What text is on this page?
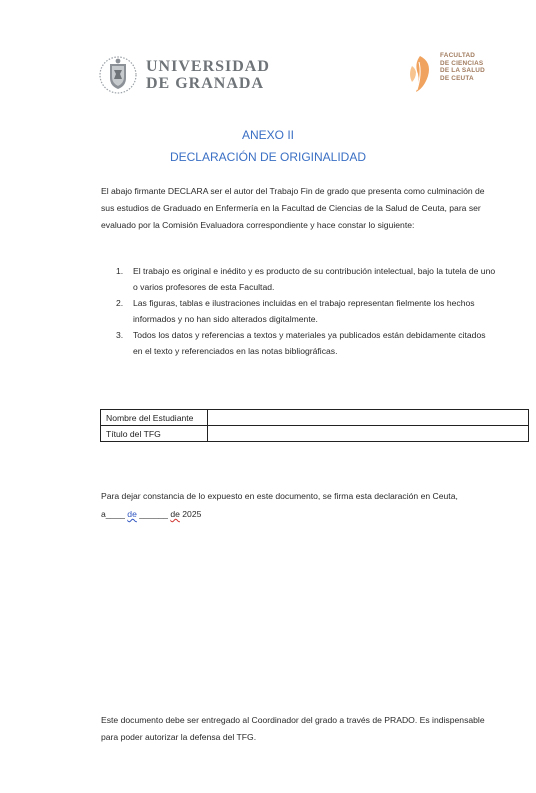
UNIVERSIDAD
DE GRANADA
FACULTAD
DE CIENCIAS
DE LA SALUD
DE CEUTA
ANEXO II
DECLARACIÓN DE ORIGINALIDAD
El abajo firmante DECLARA ser el autor del Trabajo Fin de grado que presenta como culminación de sus estudios de Graduado en Enfermería en la Facultad de Ciencias de la Salud de Ceuta, para ser evaluado por la Comisión Evaluadora correspondiente y hace constar lo siguiente:
1. El trabajo es original e inédito y es producto de su contribución intelectual, bajo la tutela de uno o varios profesores de esta Facultad.
2. Las figuras, tablas e ilustraciones incluidas en el trabajo representan fielmente los hechos informados y no han sido alterados digitalmente.
3. Todos los datos y referencias a textos y materiales ya publicados están debidamente citados en el texto y referenciados en las notas bibliográficas.
Nombre del Estudiante	
Título del TFG	
Para dejar constancia de lo expuesto en este documento, se firma esta declaración en Ceuta,
a____ de ______ de 2025
Este documento debe ser entregado al Coordinador del grado a través de PRADO. Es indispensable para poder autorizar la defensa del TFG.
